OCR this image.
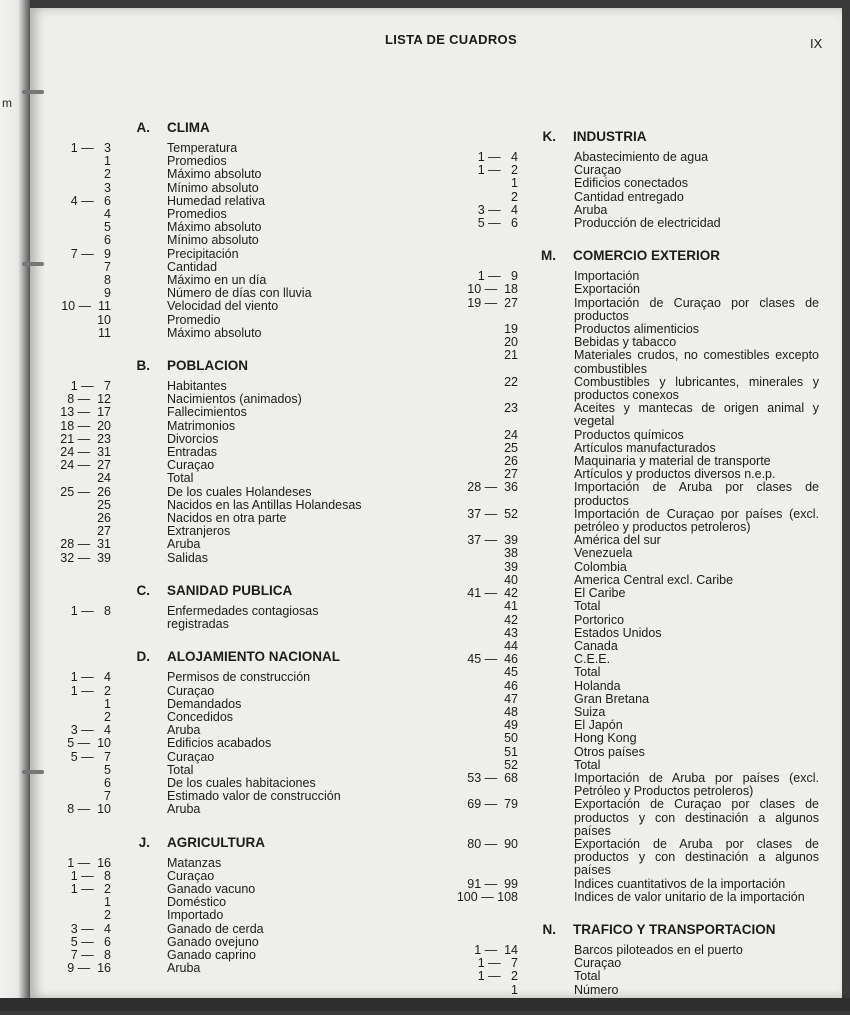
m
LISTA DE CUADROS	IX
A.	CLIMA
1 —   3	Temperatura
1	Promedios
2	Máximo absoluto
3	Mínimo absoluto
4 —   6	Humedad relativa
4	Promedios
5	Máximo absoluto
6	Mínimo absoluto
7 —   9	Precipitación
7	Cantidad
8	Máximo en un día
9	Número de días con lluvia
10 —  11	Velocidad del viento
10	Promedio
11	Máximo absoluto
B.	POBLACION
1 —   7	Habitantes
8 —  12	Nacimientos (animados)
13 —  17	Fallecimientos
18 —  20	Matrimonios
21 —  23	Divorcios
24 —  31	Entradas
24 —  27	Curaçao
24	Total
25 —  26	De los cuales Holandeses
25	Nacidos en las Antillas Holandesas
26	Nacidos en otra parte
27	Extranjeros
28 —  31	Aruba
32 —  39	Salidas
C.	SANIDAD PUBLICA
1 —   8	Enfermedades contagiosas registradas
D.	ALOJAMIENTO NACIONAL
1 —   4	Permisos de construcción
1 —   2	Curaçao
1	Demandados
2	Concedidos
3 —   4	Aruba
5 —  10	Edificios acabados
5 —   7	Curaçao
5	Total
6	De los cuales habitaciones
7	Estimado valor de construcción
8 —  10	Aruba
J.	AGRICULTURA
1 —  16	Matanzas
1 —   8	Curaçao
1 —   2	Ganado vacuno
1	Doméstico
2	Importado
3 —   4	Ganado de cerda
5 —   6	Ganado ovejuno
7 —   8	Ganado caprino
9 —  16	Aruba
K.	INDUSTRIA
1 —   4	Abastecimiento de agua
1 —   2	Curaçao
1	Edificios conectados
2	Cantidad entregado
3 —   4	Aruba
5 —   6	Producción de electricidad
M.	COMERCIO EXTERIOR
1 —   9	Importación
10 —  18	Exportación
19 —  27	Importación de Curaçao por clases de productos
19	Productos alimenticios
20	Bebidas y tabacco
21	Materiales crudos, no comestibles excepto combustibles
22	Combustibles y lubricantes, minerales y productos conexos
23	Aceites y mantecas de origen animal y vegetal
24	Productos químicos
25	Artículos manufacturados
26	Maquinaria y material de transporte
27	Artículos y productos diversos n.e.p.
28 —  36	Importación de Aruba por clases de productos
37 —  52	Importación de Curaçao por países (excl. petróleo y productos petroleros)
37 —  39	América del sur
38	Venezuela
39	Colombia
40	America Central excl. Caribe
41 —  42	El Caribe
41	Total
42	Portorico
43	Estados Unidos
44	Canada
45 —  46	C.E.E.
45	Total
46	Holanda
47	Gran Bretana
48	Suiza
49	El Japón
50	Hong Kong
51	Otros países
52	Total
53 —  68	Importación de Aruba por países (excl. Petróleo y Productos petroleros)
69 —  79	Exportación de Curaçao por clases de productos y con destinación a algunos países
80 —  90	Exportación de Aruba por clases de productos y con destinación a algunos países
91 —  99	Indices cuantitativos de la importación
100 — 108	Indices de valor unitario de la importación
N.	TRAFICO Y TRANSPORTACION
1 —  14	Barcos piloteados en el puerto
1 —   7	Curaçao
1 —   2	Total
1	Número
